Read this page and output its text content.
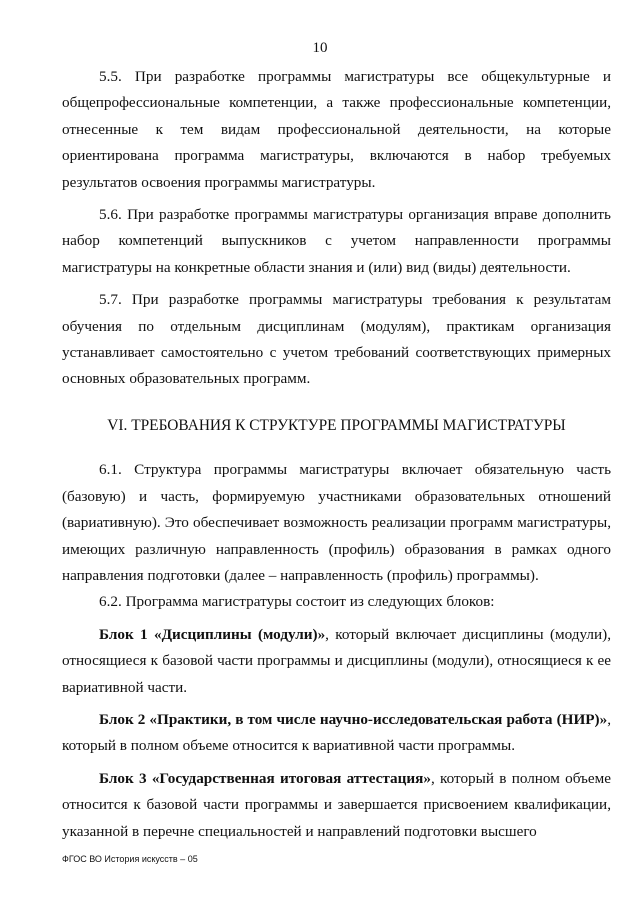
10

5.5. При разработке программы магистратуры все общекультурные и общепрофессиональные компетенции, а также профессиональные компетенции, отнесенные к тем видам профессиональной деятельности, на которые ориентирована программа магистратуры, включаются в набор требуемых результатов освоения программы магистратуры.

5.6. При разработке программы магистратуры организация вправе дополнить набор компетенций выпускников с учетом направленности программы магистратуры на конкретные области знания и (или) вид (виды) деятельности.

5.7. При разработке программы магистратуры требования к результатам обучения по отдельным дисциплинам (модулям), практикам организация устанавливает самостоятельно с учетом требований соответствующих примерных основных образовательных программ.

VI. ТРЕБОВАНИЯ К СТРУКТУРЕ ПРОГРАММЫ МАГИСТРАТУРЫ

6.1. Структура программы магистратуры включает обязательную часть (базовую) и часть, формируемую участниками образовательных отношений (вариативную). Это обеспечивает возможность реализации программ магистратуры, имеющих различную направленность (профиль) образования в рамках одного направления подготовки (далее – направленность (профиль) программы).

6.2. Программа магистратуры состоит из следующих блоков:

Блок 1 «Дисциплины (модули)», который включает дисциплины (модули), относящиеся к базовой части программы и дисциплины (модули), относящиеся к ее вариативной части.

Блок 2 «Практики, в том числе научно-исследовательская работа (НИР)», который в полном объеме относится к вариативной части программы.

Блок 3 «Государственная итоговая аттестация», который в полном объеме относится к базовой части программы и завершается присвоением квалификации, указанной в перечне специальностей и направлений подготовки высшего

ФГОС ВО История искусств – 05
